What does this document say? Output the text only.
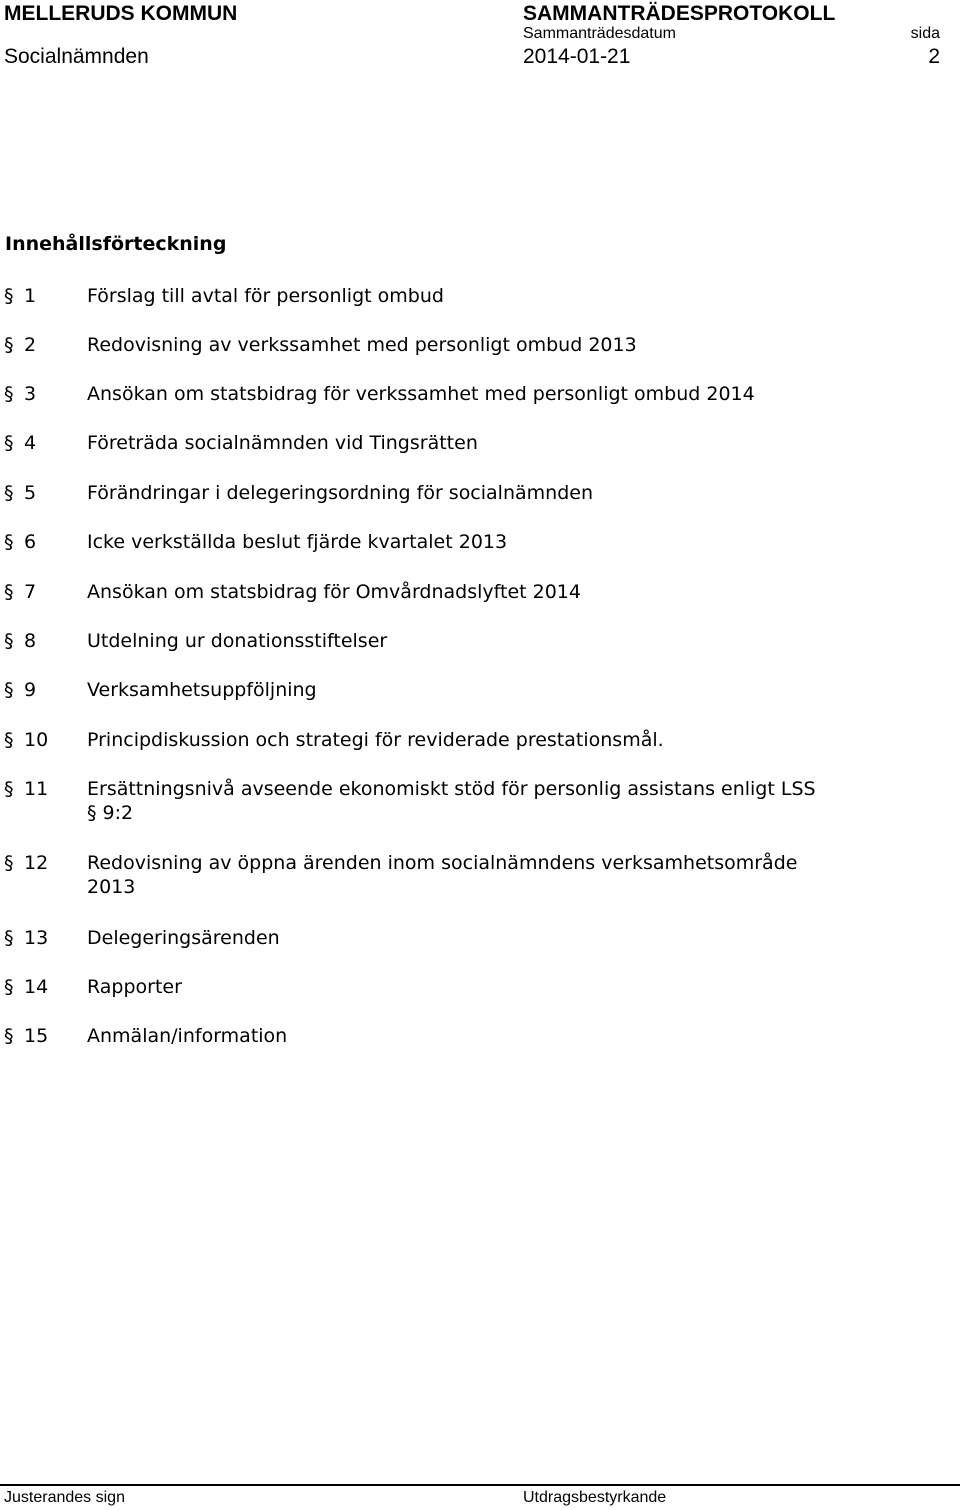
MELLERUDS KOMMUN	SAMMANTRÄDESPROTOKOLL
Sammanträdesdatum	sida
Socialnämnden	2014-01-21	2
Innehållsförteckning
§ 1	Förslag till avtal för personligt ombud
§ 2	Redovisning av verkssamhet med personligt ombud 2013
§ 3	Ansökan om statsbidrag för verkssamhet med personligt ombud 2014
§ 4	Företräda socialnämnden vid Tingsrätten
§ 5	Förändringar i delegeringsordning för socialnämnden
§ 6	Icke verkställda beslut fjärde kvartalet 2013
§ 7	Ansökan om statsbidrag för Omvårdnadslyftet 2014
§ 8	Utdelning ur donationsstiftelser
§ 9	Verksamhetsuppföljning
§ 10 Principdiskussion och strategi för reviderade prestationsmål.
§ 11 Ersättningsnivå avseende ekonomiskt stöd för personlig assistans enligt LSS
§ 9:2
§ 12 Redovisning av öppna ärenden inom socialnämndens verksamhetsområde
2013
§ 13 Delegeringsärenden
§ 14 Rapporter
§ 15 Anmälan/information
Justerandes sign	Utdragsbestyrkande
